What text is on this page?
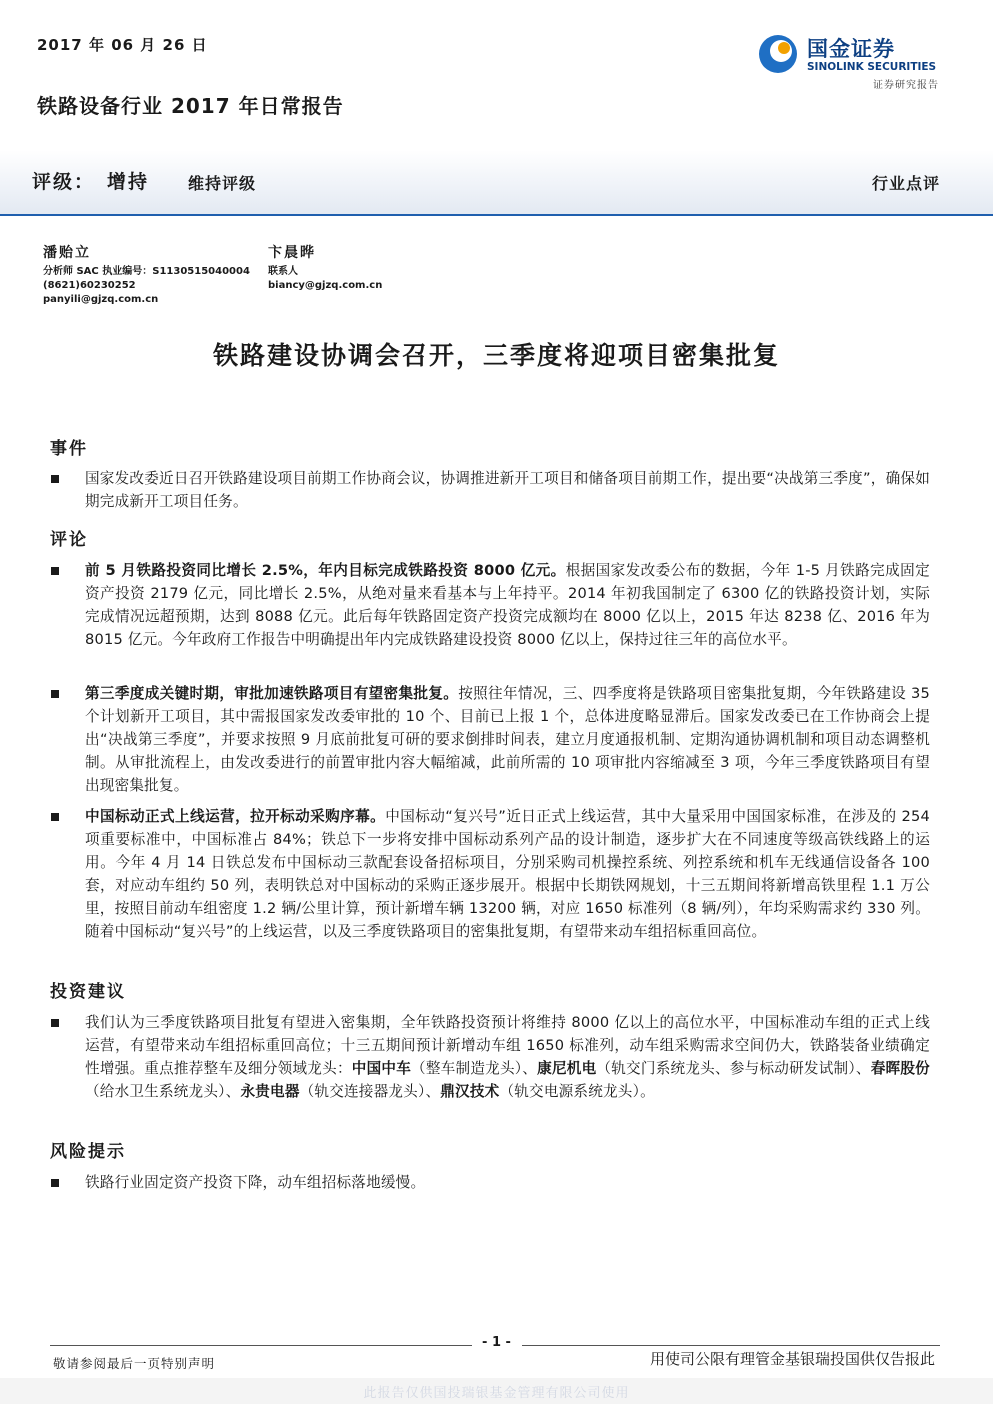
2017 年 06 月 26 日
铁路设备行业 2017 年日常报告
国金证券
SINOLINK SECURITIES
证券研究报告
评级： 增持 维持评级	行业点评
潘贻立
分析师 SAC 执业编号：S1130515040004
(8621)60230252
panyili@gjzq.com.cn
卞晨晔
联系人
biancy@gjzq.com.cn
铁路建设协调会召开，三季度将迎项目密集批复
事件
国家发改委近日召开铁路建设项目前期工作协商会议，协调推进新开工项目和储备项目前期工作，提出要“决战第三季度”，确保如期完成新开工项目任务。
评论
前 5 月铁路投资同比增长 2.5%，年内目标完成铁路投资 8000 亿元。根据国家发改委公布的数据，今年 1-5 月铁路完成固定资产投资 2179 亿元，同比增长 2.5%，从绝对量来看基本与上年持平。2014 年初我国制定了 6300 亿的铁路投资计划，实际完成情况远超预期，达到 8088 亿元。此后每年铁路固定资产投资完成额均在 8000 亿以上，2015 年达 8238 亿、2016 年为 8015 亿元。今年政府工作报告中明确提出年内完成铁路建设投资 8000 亿以上，保持过往三年的高位水平。
第三季度成关键时期，审批加速铁路项目有望密集批复。按照往年情况，三、四季度将是铁路项目密集批复期，今年铁路建设 35 个计划新开工项目，其中需报国家发改委审批的 10 个、目前已上报 1 个，总体进度略显滞后。国家发改委已在工作协商会上提出“决战第三季度”，并要求按照 9 月底前批复可研的要求倒排时间表，建立月度通报机制、定期沟通协调机制和项目动态调整机制。从审批流程上，由发改委进行的前置审批内容大幅缩减，此前所需的 10 项审批内容缩减至 3 项，今年三季度铁路项目有望出现密集批复。
中国标动正式上线运营，拉开标动采购序幕。中国标动“复兴号”近日正式上线运营，其中大量采用中国国家标准，在涉及的 254 项重要标准中，中国标准占 84%；铁总下一步将安排中国标动系列产品的设计制造，逐步扩大在不同速度等级高铁线路上的运用。今年 4 月 14 日铁总发布中国标动三款配套设备招标项目，分别采购司机操控系统、列控系统和机车无线通信设备各 100 套，对应动车组约 50 列，表明铁总对中国标动的采购正逐步展开。根据中长期铁网规划，十三五期间将新增高铁里程 1.1 万公里，按照目前动车组密度 1.2 辆/公里计算，预计新增车辆 13200 辆，对应 1650 标准列（8 辆/列），年均采购需求约 330 列。随着中国标动“复兴号”的上线运营，以及三季度铁路项目的密集批复期，有望带来动车组招标重回高位。
投资建议
我们认为三季度铁路项目批复有望进入密集期，全年铁路投资预计将维持 8000 亿以上的高位水平，中国标准动车组的正式上线运营，有望带来动车组招标重回高位；十三五期间预计新增动车组 1650 标准列，动车组采购需求空间仍大，铁路装备业绩确定性增强。重点推荐整车及细分领域龙头：中国中车（整车制造龙头）、康尼机电（轨交门系统龙头、参与标动研发试制）、春晖股份（给水卫生系统龙头）、永贵电器（轨交连接器龙头）、鼎汉技术（轨交电源系统龙头）。
风险提示
铁路行业固定资产投资下降，动车组招标落地缓慢。
- 1 -
敬请参阅最后一页特别声明	用使司公限有理管金基银瑞投国供仅告报此
此报告仅供国投瑞银基金管理有限公司使用
